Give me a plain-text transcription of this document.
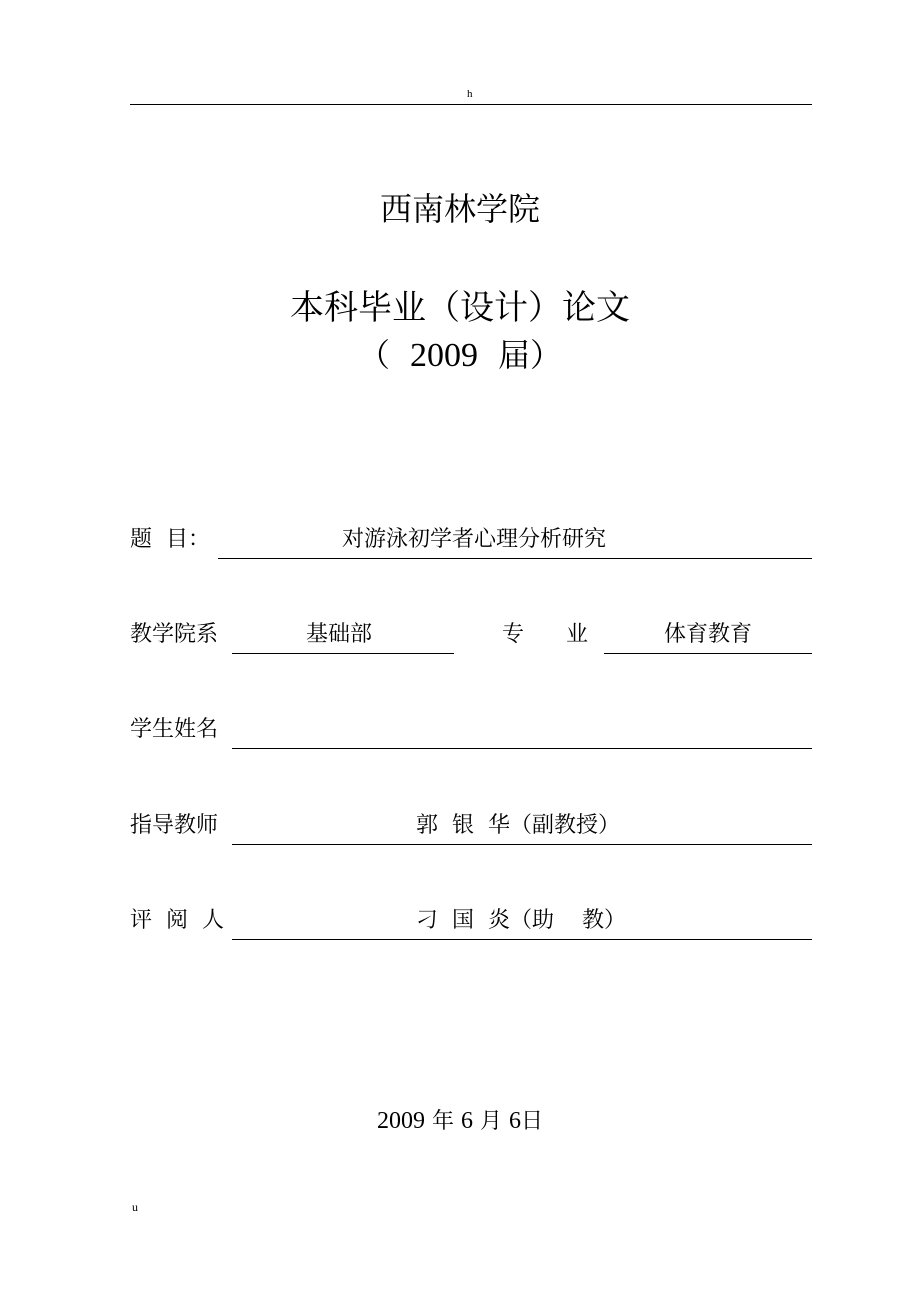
h
西南林学院
本科毕业（设计）论文
（ 2009 届）
题  目：	对游泳初学者心理分析研究
教学院系	基础部	专      业	体育教育
学生姓名
指导教师	郭  银  华（副教授）
评  阅  人	刁  国  炎（助    教）
2009 年 6 月 6日
u
